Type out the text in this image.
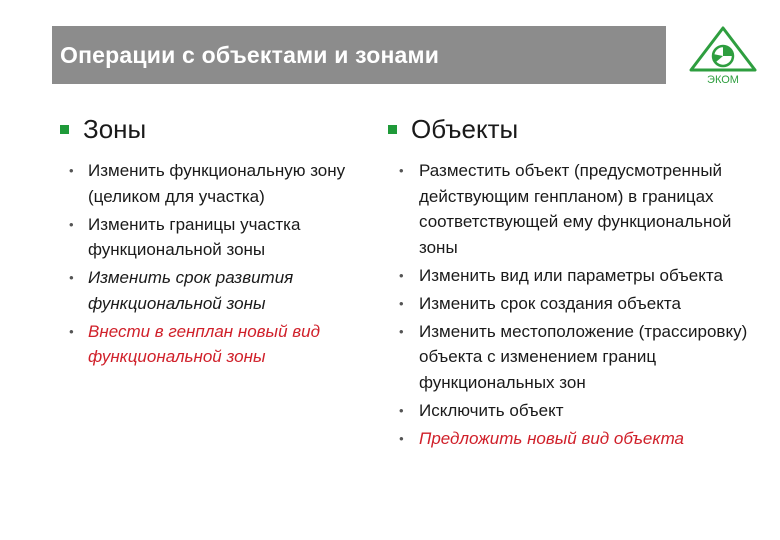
Операции с объектами и зонами
ЭКОМ
Зоны
• Изменить функциональную зону (целиком для участка)
• Изменить границы участка функциональной зоны
• Изменить срок развития функциональной зоны
• Внести в генплан новый вид функциональной зоны
Объекты
• Разместить объект (предусмотренный действующим генпланом) в границах соответствующей ему функциональной зоны
• Изменить вид или параметры объекта
• Изменить срок создания объекта
• Изменить местоположение (трассировку) объекта с изменением границ функциональных зон
• Исключить объект
• Предложить новый вид объекта
